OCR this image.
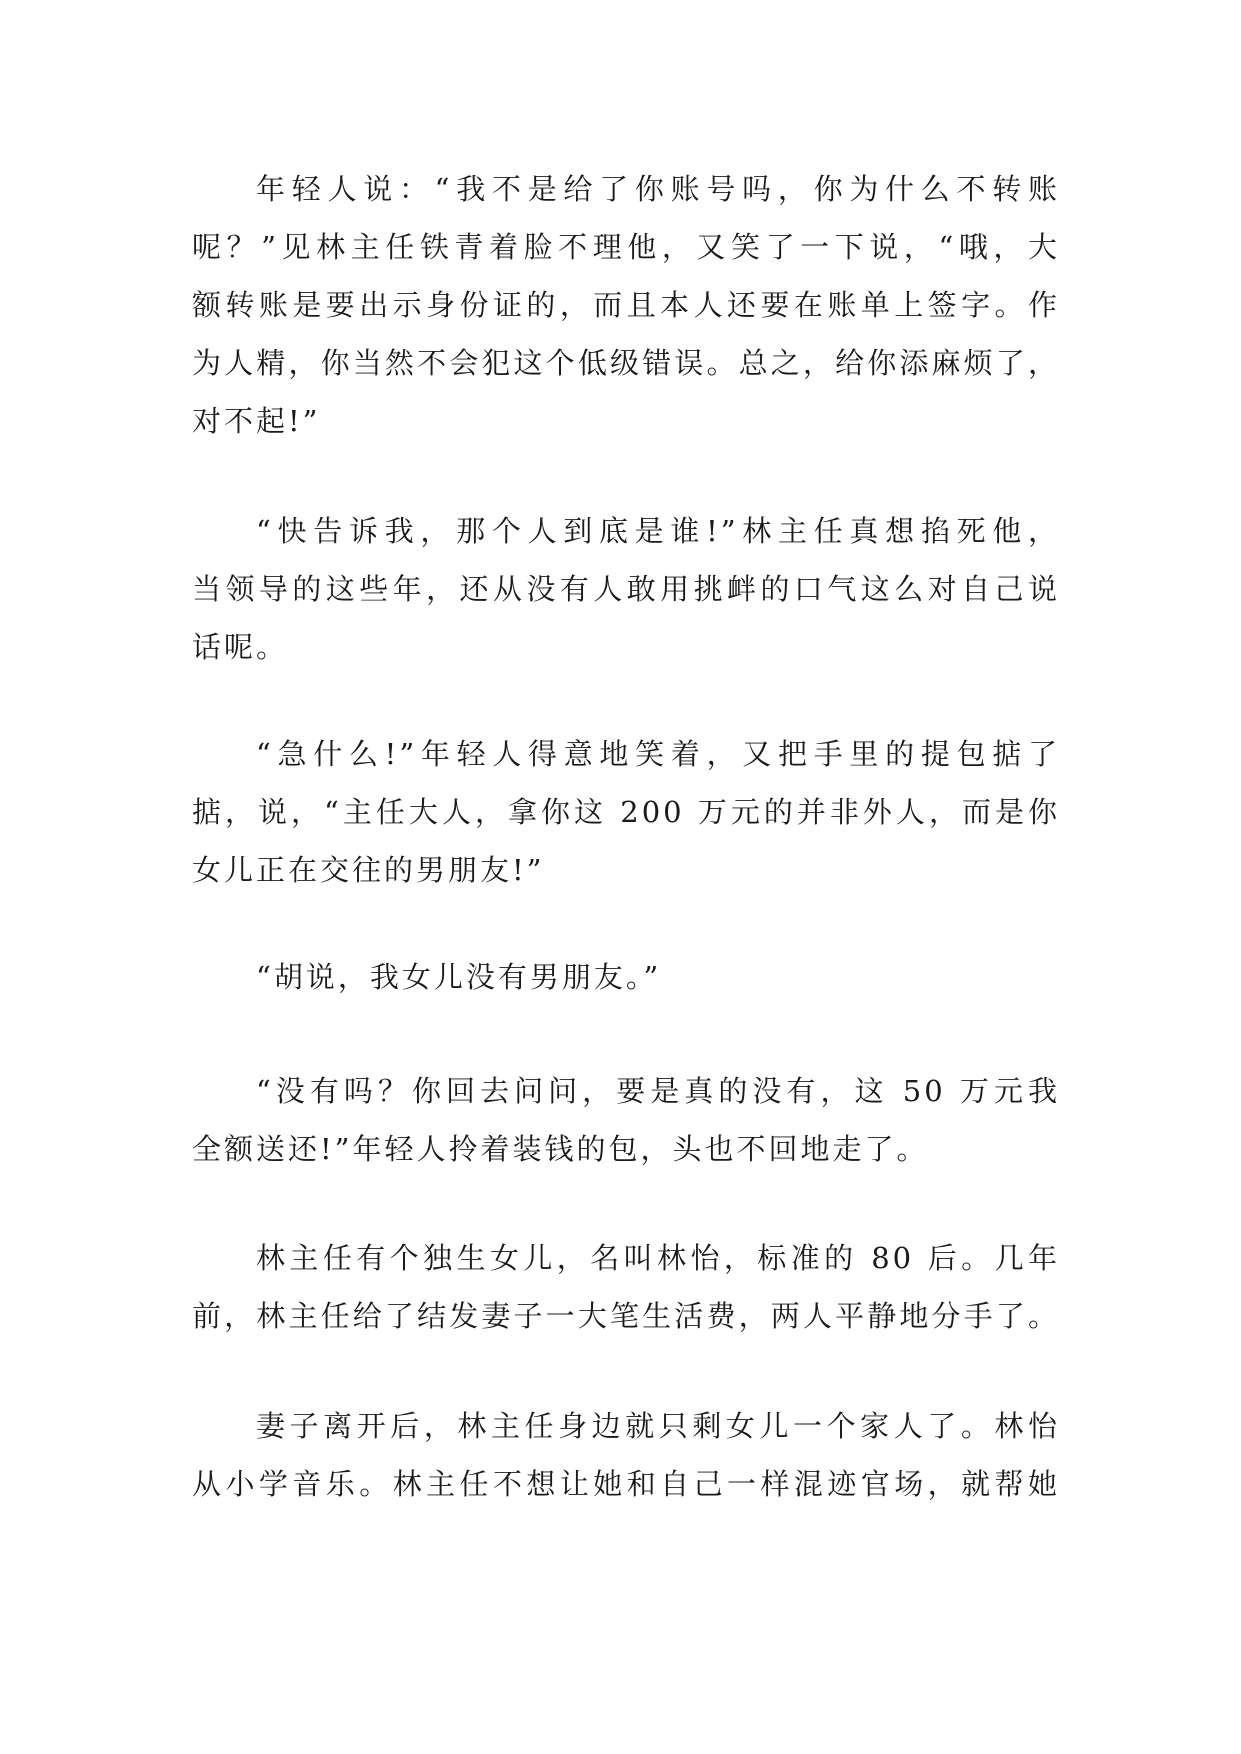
年轻人说：“我不是给了你账号吗，你为什么不转账
呢？”见林主任铁青着脸不理他，又笑了一下说，“哦，大
额转账是要出示身份证的，而且本人还要在账单上签字。作
为人精，你当然不会犯这个低级错误。总之，给你添麻烦了，
对不起!”
“快告诉我，那个人到底是谁!”林主任真想掐死他，
当领导的这些年，还从没有人敢用挑衅的口气这么对自己说
话呢。
“急什么!”年轻人得意地笑着，又把手里的提包掂了
掂，说，“主任大人，拿你这 200 万元的并非外人，而是你
女儿正在交往的男朋友!”
“胡说，我女儿没有男朋友。”
“没有吗？你回去问问，要是真的没有，这 50 万元我
全额送还!”年轻人拎着装钱的包，头也不回地走了。
林主任有个独生女儿，名叫林怡，标准的 80 后。几年
前，林主任给了结发妻子一大笔生活费，两人平静地分手了。
妻子离开后，林主任身边就只剩女儿一个家人了。林怡
从小学音乐。林主任不想让她和自己一样混迹官场，就帮她
